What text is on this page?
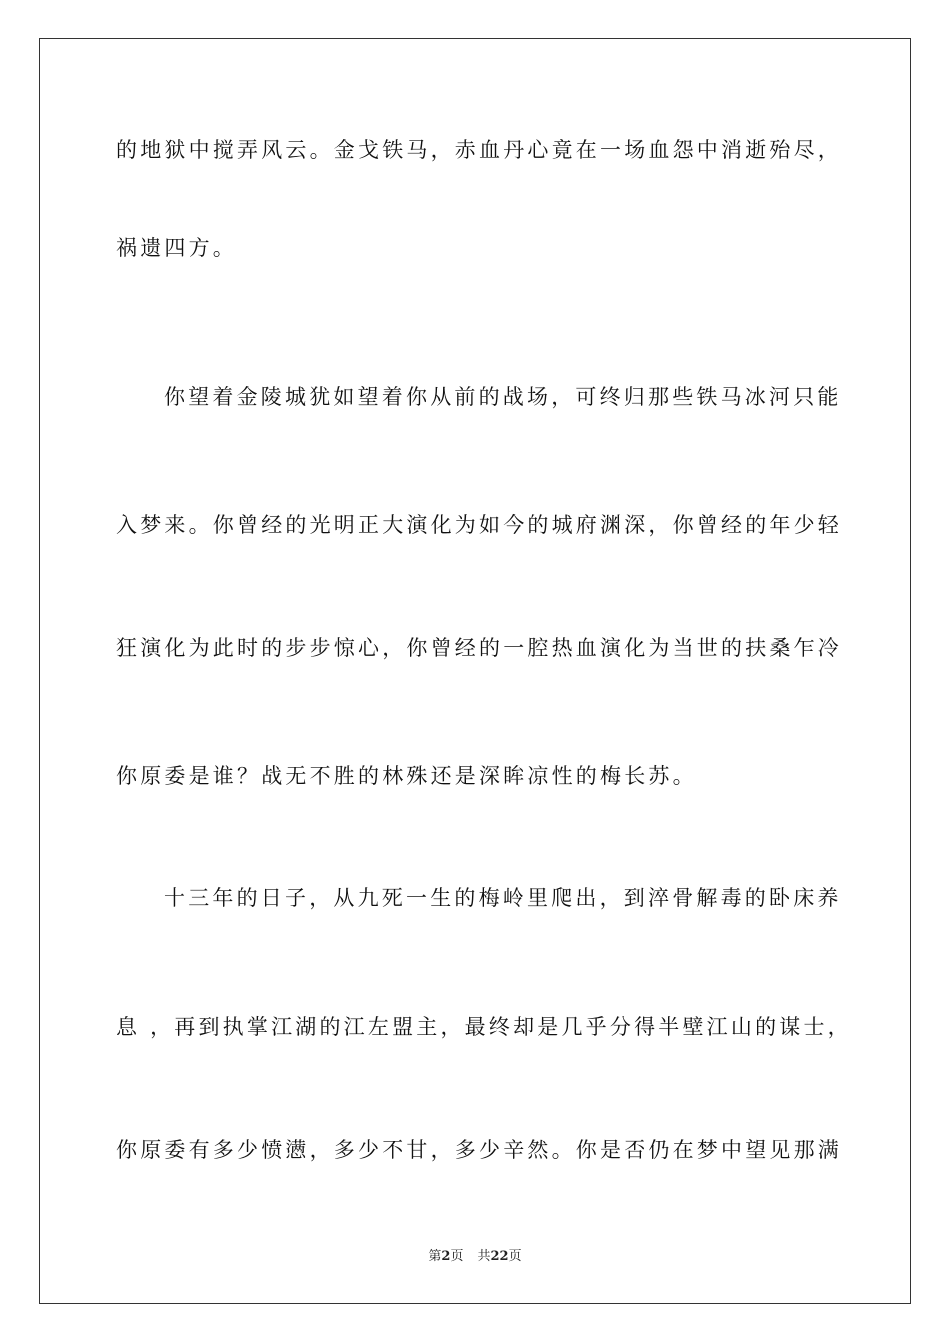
的地狱中搅弄风云。金戈铁马，赤血丹心竟在一场血怨中消逝殆尽，
祸遗四方。
你望着金陵城犹如望着你从前的战场，可终归那些铁马冰河只能
入梦来。你曾经的光明正大演化为如今的城府渊深，你曾经的年少轻
狂演化为此时的步步惊心，你曾经的一腔热血演化为当世的扶桑乍冷
你原委是谁？战无不胜的林殊还是深眸凉性的梅长苏。
十三年的日子，从九死一生的梅岭里爬出，到淬骨解毒的卧床养
息 ，再到执掌江湖的江左盟主，最终却是几乎分得半壁江山的谋士，
你原委有多少愤懑，多少不甘，多少辛然。你是否仍在梦中望见那满
第2页 共22页
